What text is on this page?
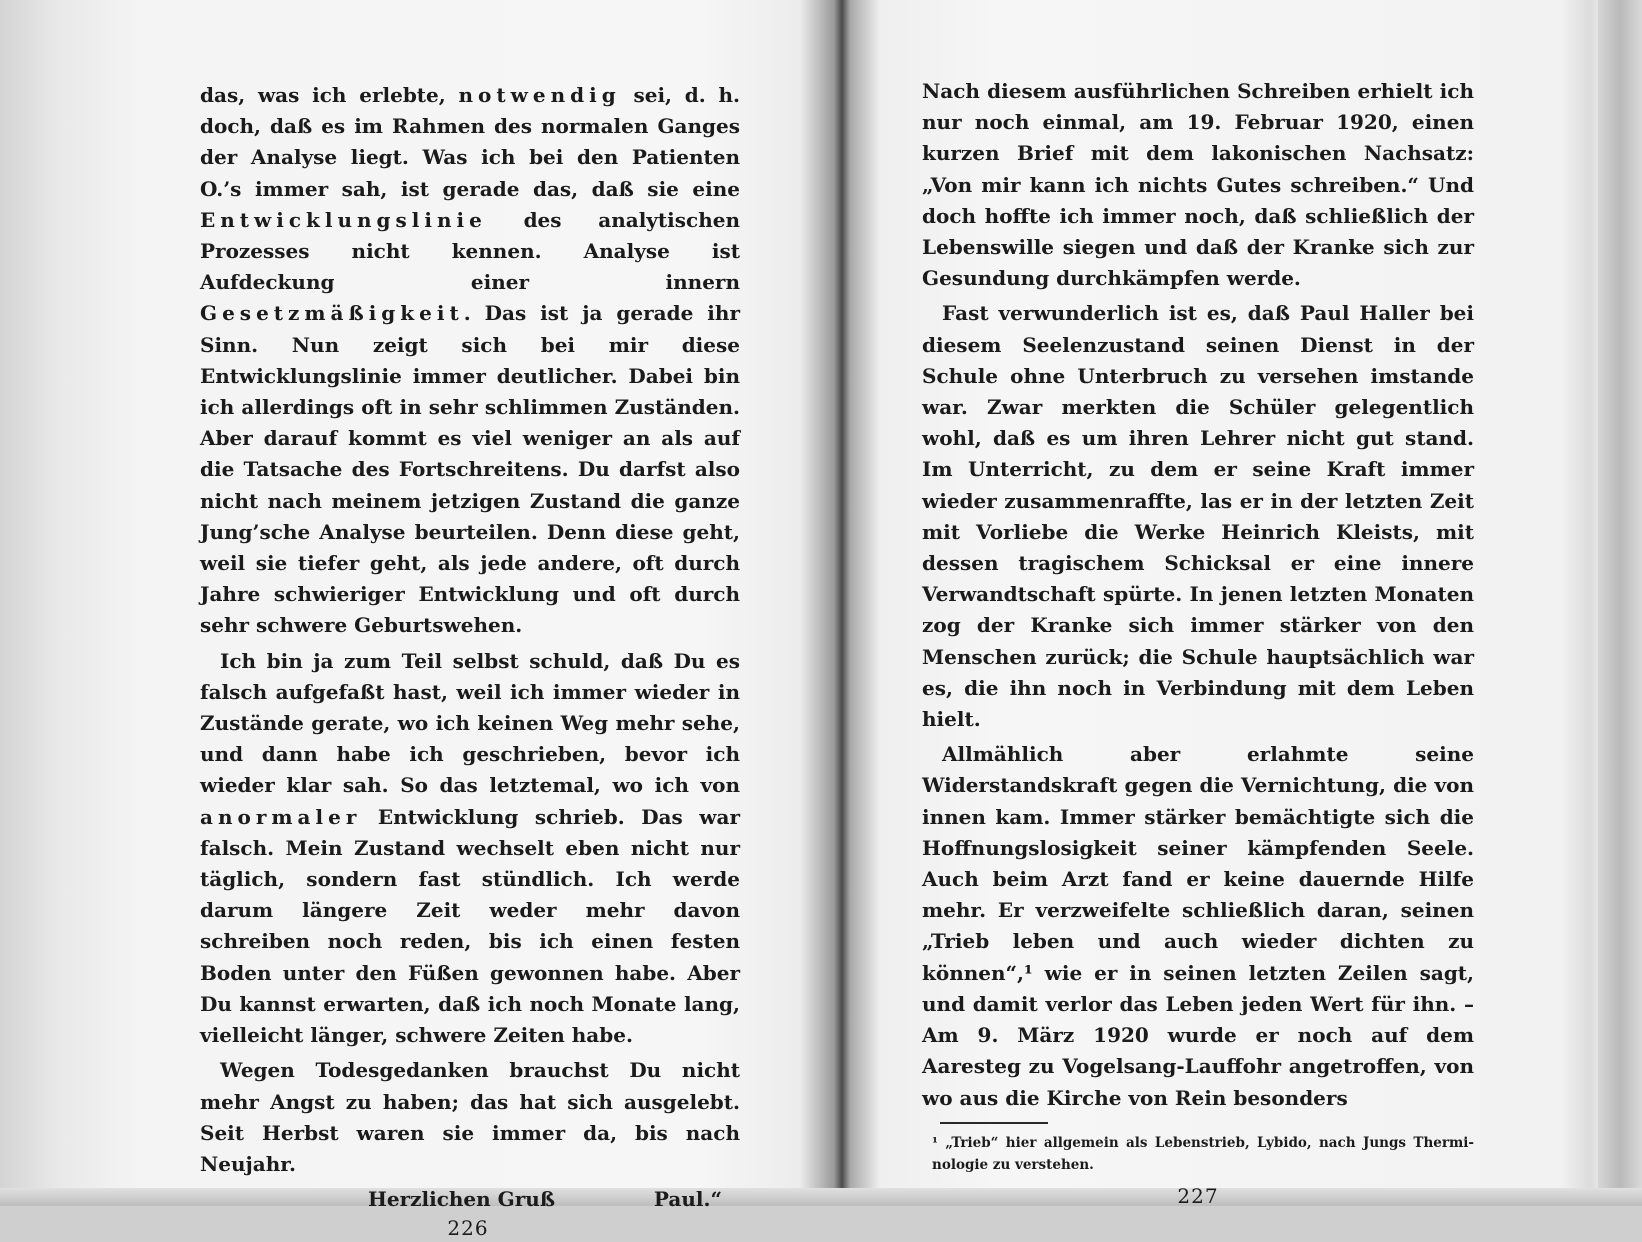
das, was ich erlebte, notwendig sei, d. h. doch, daß es im Rahmen des normalen Ganges der Analyse liegt. Was ich bei den Patienten O.’s immer sah, ist gerade das, daß sie eine Entwicklungslinie des analytischen Prozesses nicht kennen. Analyse ist Aufdeckung einer innern Gesetzmäßigkeit. Das ist ja gerade ihr Sinn. Nun zeigt sich bei mir diese Entwicklungslinie immer deutlicher. Dabei bin ich allerdings oft in sehr schlimmen Zuständen. Aber darauf kommt es viel weniger an als auf die Tatsache des Fortschreitens. Du darfst also nicht nach meinem jetzigen Zustand die ganze Jung’sche Analyse beurteilen. Denn diese geht, weil sie tiefer geht, als jede andere, oft durch Jahre schwieriger Entwicklung und oft durch sehr schwere Geburtswehen.

Ich bin ja zum Teil selbst schuld, daß Du es falsch aufgefaßt hast, weil ich immer wieder in Zustände gerate, wo ich keinen Weg mehr sehe, und dann habe ich geschrieben, bevor ich wieder klar sah. So das letztemal, wo ich von anormaler Entwicklung schrieb. Das war falsch. Mein Zustand wechselt eben nicht nur täglich, sondern fast stündlich. Ich werde darum längere Zeit weder mehr davon schreiben noch reden, bis ich einen festen Boden unter den Füßen gewonnen habe. Aber Du kannst erwarten, daß ich noch Monate lang, vielleicht länger, schwere Zeiten habe.

Wegen Todesgedanken brauchst Du nicht mehr Angst zu haben; das hat sich ausgelebt. Seit Herbst waren sie immer da, bis nach Neujahr.

Herzlichen Gruß	Paul.“
226

Nach diesem ausführlichen Schreiben erhielt ich nur noch einmal, am 19. Februar 1920, einen kurzen Brief mit dem lakonischen Nachsatz: „Von mir kann ich nichts Gutes schreiben.“ Und doch hoffte ich immer noch, daß schließlich der Lebenswille siegen und daß der Kranke sich zur Gesundung durchkämpfen werde.

Fast verwunderlich ist es, daß Paul Haller bei diesem Seelenzustand seinen Dienst in der Schule ohne Unterbruch zu versehen imstande war. Zwar merkten die Schüler gelegentlich wohl, daß es um ihren Lehrer nicht gut stand. Im Unterricht, zu dem er seine Kraft immer wieder zusammenraffte, las er in der letzten Zeit mit Vorliebe die Werke Heinrich Kleists, mit dessen tragischem Schicksal er eine innere Verwandtschaft spürte. In jenen letzten Monaten zog der Kranke sich immer stärker von den Menschen zurück; die Schule hauptsächlich war es, die ihn noch in Verbindung mit dem Leben hielt.

Allmählich aber erlahmte seine Widerstandskraft gegen die Vernichtung, die von innen kam. Immer stärker bemächtigte sich die Hoffnungslosigkeit seiner kämpfenden Seele. Auch beim Arzt fand er keine dauernde Hilfe mehr. Er verzweifelte schließlich daran, seinen „Trieb leben und auch wieder dichten zu können“,¹ wie er in seinen letzten Zeilen sagt, und damit verlor das Leben jeden Wert für ihn. – Am 9. März 1920 wurde er noch auf dem Aaresteg zu Vogelsang-Lauffohr angetroffen, von wo aus die Kirche von Rein besonders

¹ „Trieb“ hier allgemein als Lebenstrieb, Lybido, nach Jungs Therminologie zu verstehen.
227
